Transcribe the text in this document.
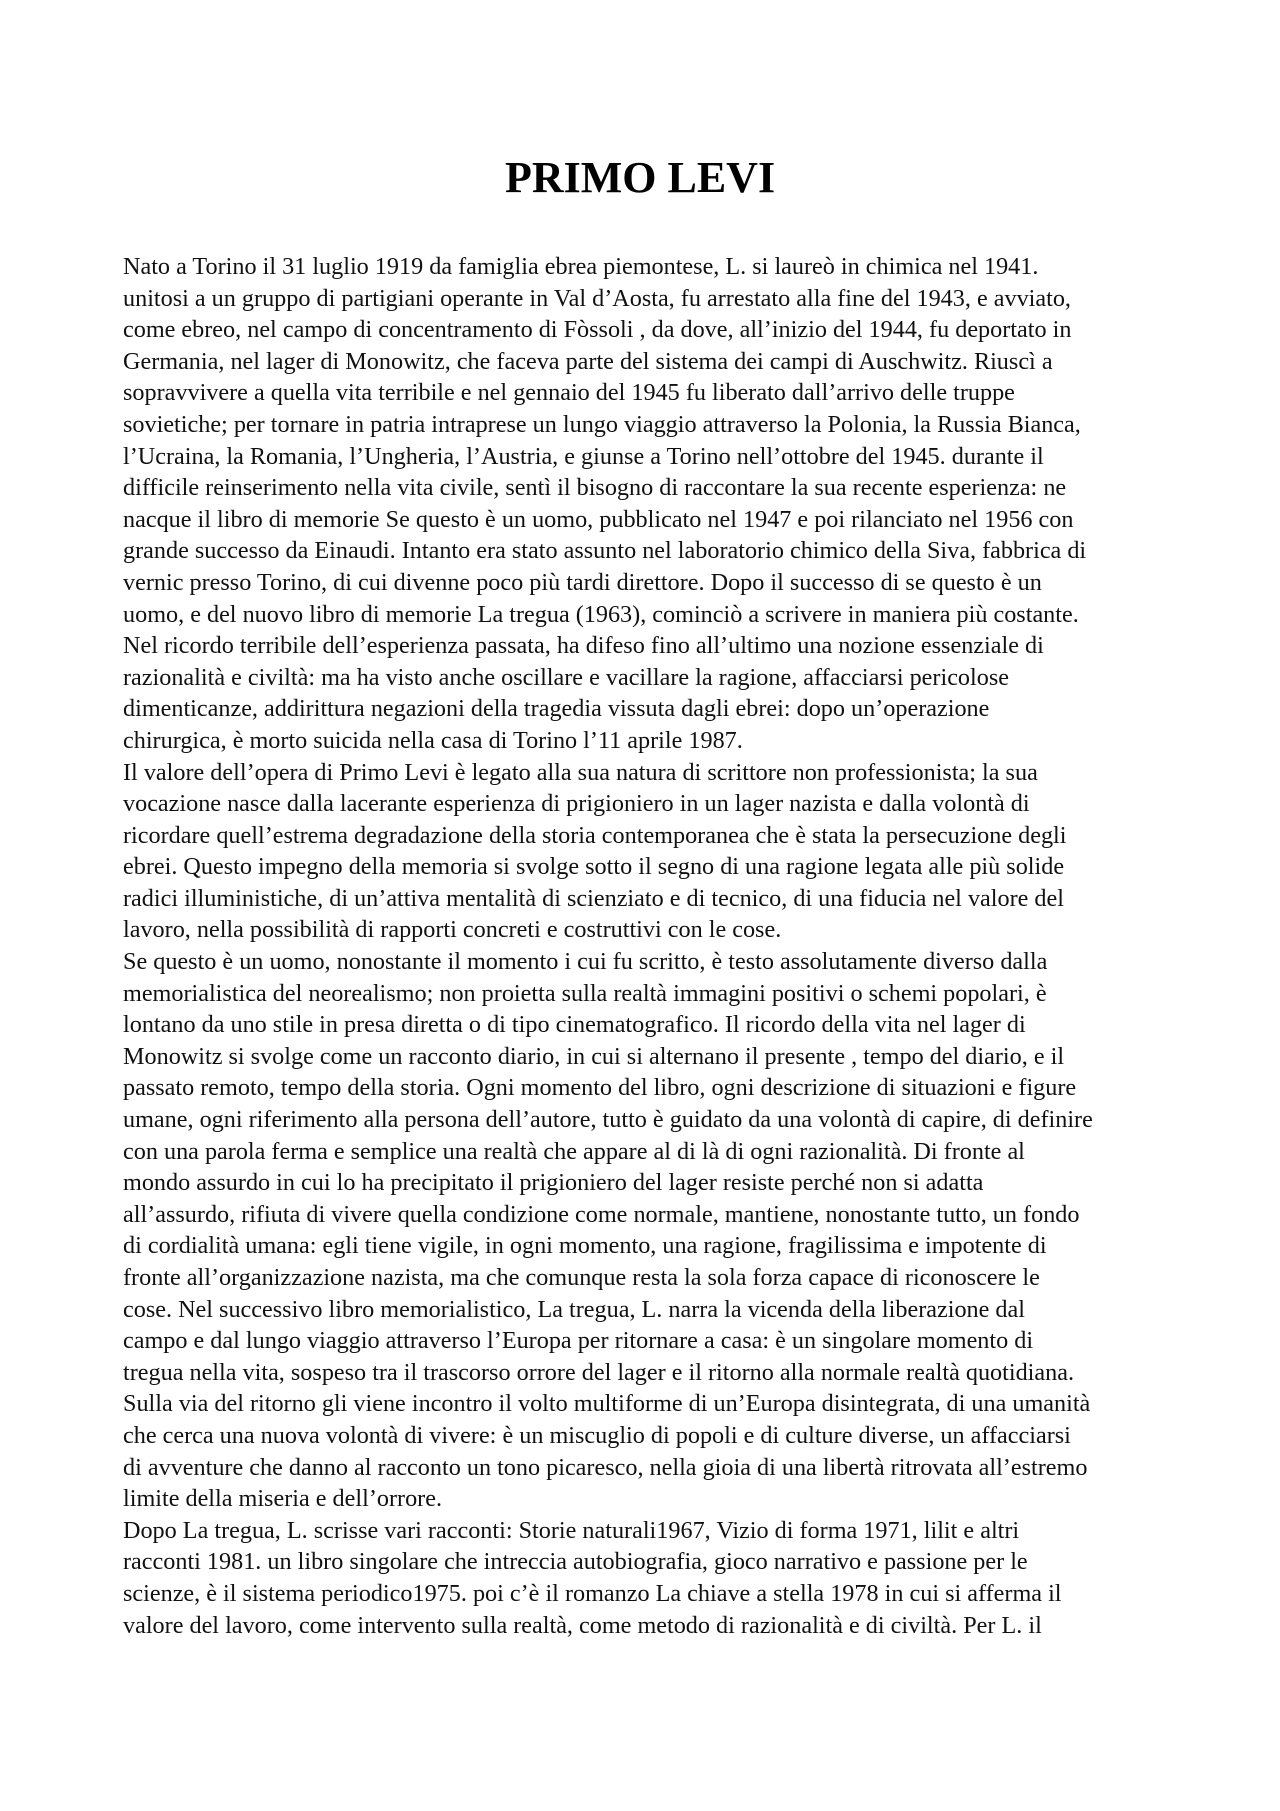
PRIMO LEVI
Nato a Torino il 31 luglio 1919 da famiglia ebrea piemontese, L. si laureò in chimica nel 1941.
unitosi a un gruppo di partigiani operante in Val d’Aosta, fu arrestato alla fine del 1943, e avviato,
come ebreo, nel campo di concentramento di Fòssoli , da dove, all’inizio del 1944, fu deportato in
Germania, nel lager di Monowitz, che faceva parte del sistema dei campi di Auschwitz. Riuscì a
sopravvivere a quella vita terribile e nel gennaio del 1945 fu liberato dall’arrivo delle truppe
sovietiche; per tornare in patria intraprese un lungo viaggio attraverso la Polonia, la Russia Bianca,
l’Ucraina, la Romania, l’Ungheria, l’Austria, e giunse a Torino nell’ottobre del 1945. durante il
difficile reinserimento nella vita civile, sentì il bisogno di raccontare la sua recente esperienza: ne
nacque il libro di memorie Se questo è un uomo, pubblicato nel 1947 e poi rilanciato nel 1956 con
grande successo da Einaudi. Intanto era stato assunto nel laboratorio chimico della Siva, fabbrica di
vernic presso Torino, di cui divenne poco più tardi direttore. Dopo il successo di se questo è un
uomo, e del nuovo libro di memorie La tregua (1963), cominciò a scrivere in maniera più costante.
Nel ricordo terribile dell’esperienza passata, ha difeso fino all’ultimo una nozione essenziale di
razionalità e civiltà: ma ha visto anche oscillare e vacillare la ragione, affacciarsi pericolose
dimenticanze, addirittura negazioni della tragedia vissuta dagli ebrei: dopo un’operazione
chirurgica, è morto suicida nella casa di Torino l’11 aprile 1987.
Il valore dell’opera di Primo Levi è legato alla sua natura di scrittore non professionista; la sua
vocazione nasce dalla lacerante esperienza di prigioniero in un lager nazista e dalla volontà di
ricordare quell’estrema degradazione della storia contemporanea che è stata la persecuzione degli
ebrei. Questo impegno della memoria si svolge sotto il segno di una ragione legata alle più solide
radici illuministiche, di un’attiva mentalità di scienziato e di tecnico, di una fiducia nel valore del
lavoro, nella possibilità di rapporti concreti e costruttivi con le cose.
Se questo è un uomo, nonostante il momento i cui fu scritto, è testo assolutamente diverso dalla
memorialistica del neorealismo; non proietta sulla realtà immagini positivi o schemi popolari, è
lontano da uno stile in presa diretta o di tipo cinematografico. Il ricordo della vita nel lager di
Monowitz si svolge come un racconto diario, in cui si alternano il presente , tempo del diario, e il
passato remoto, tempo della storia. Ogni momento del libro, ogni descrizione di situazioni e figure
umane, ogni riferimento alla persona dell’autore, tutto è guidato da una volontà di capire, di definire
con una parola ferma e semplice una realtà che appare al di là di ogni razionalità. Di fronte al
mondo assurdo in cui lo ha precipitato il prigioniero del lager resiste perché non si adatta
all’assurdo, rifiuta di vivere quella condizione come normale, mantiene, nonostante tutto, un fondo
di cordialità umana: egli tiene vigile, in ogni momento, una ragione, fragilissima e impotente di
fronte all’organizzazione nazista, ma che comunque resta la sola forza capace di riconoscere le
cose. Nel successivo libro memorialistico, La tregua, L. narra la vicenda della liberazione dal
campo e dal lungo viaggio attraverso l’Europa per ritornare a casa: è un singolare momento di
tregua nella vita, sospeso tra il trascorso orrore del lager e il ritorno alla normale realtà quotidiana.
Sulla via del ritorno gli viene incontro il volto multiforme di un’Europa disintegrata, di una umanità
che cerca una nuova volontà di vivere: è un miscuglio di popoli e di culture diverse, un affacciarsi
di avventure che danno al racconto un tono picaresco, nella gioia di una libertà ritrovata all’estremo
limite della miseria e dell’orrore.
Dopo La tregua, L. scrisse vari racconti: Storie naturali1967, Vizio di forma 1971, lilit e altri
racconti 1981. un libro singolare che intreccia autobiografia, gioco narrativo e passione per le
scienze, è il sistema periodico1975. poi c’è il romanzo La chiave a stella 1978 in cui si afferma il
valore del lavoro, come intervento sulla realtà, come metodo di razionalità e di civiltà. Per L. il
